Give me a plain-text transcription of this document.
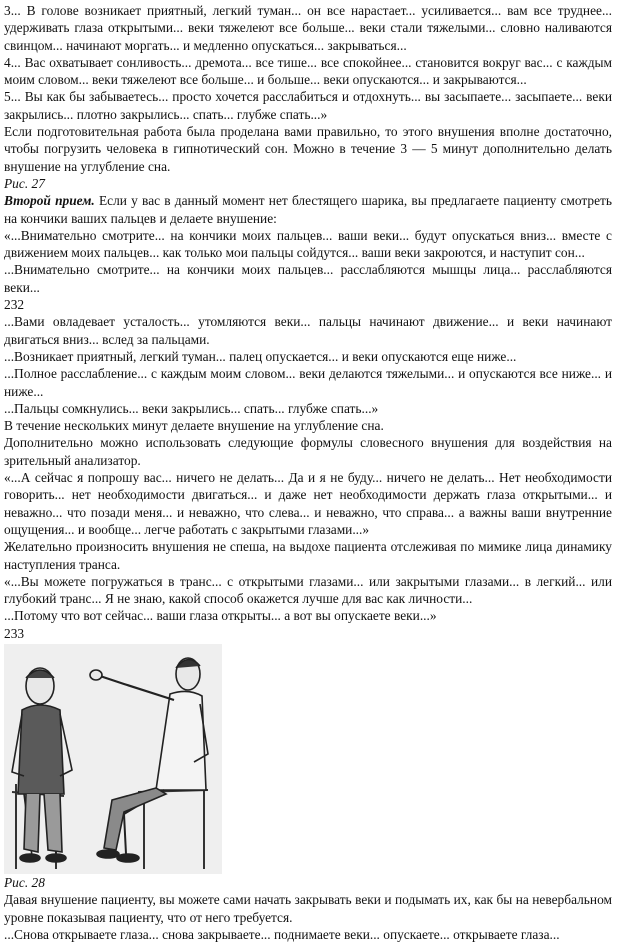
3... В голове возникает приятный, легкий туман... он все нарастает... усиливается... вам все труднее... удерживать глаза открытыми... веки тяжелеют все больше... веки стали тяжелыми... словно наливаются свинцом... начинают моргать... и медленно опускаться... закрываться...

4... Вас охватывает сонливость... дремота... все тише... все спокойнее... становится вокруг вас... с каждым моим словом... веки тяжелеют все больше... и больше... веки опускаются... и закрываются...

5... Вы как бы забываетесь... просто хочется расслабиться и отдохнуть... вы засыпаете... засыпаете... веки закрылись... плотно закрылись... спать... глубже спать...»

Если подготовительная работа была проделана вами правильно, то этого внушения вполне достаточно, чтобы погрузить человека в гипнотический сон. Можно в течение 3 — 5 минут дополнительно делать внушение на углубление сна.

Рис. 27

Второй прием. Если у вас в данный момент нет блестящего шарика, вы предлагаете пациенту смотреть на кончики ваших пальцев и делаете внушение:

«...Внимательно смотрите... на кончики моих пальцев... ваши веки... будут опускаться вниз... вместе с движением моих пальцев... как только мои пальцы сойдутся... ваши веки закроются, и наступит сон...

...Внимательно смотрите... на кончики моих пальцев... расслабляются мышцы лица... расслабляются веки...

232

...Вами овладевает усталость... утомляются веки... пальцы начинают движение... и веки начинают двигаться вниз... вслед за пальцами.

...Возникает приятный, легкий туман... палец опускается... и веки опускаются еще ниже...

...Полное расслабление... с каждым моим словом... веки делаются тяжелыми... и опускаются все ниже... и ниже...

...Пальцы сомкнулись... веки закрылись... спать... глубже спать...»

В течение нескольких минут делаете внушение на углубление сна.

Дополнительно можно использовать следующие формулы словесного внушения для воздействия на зрительный анализатор.

«...А сейчас я попрошу вас... ничего не делать... Да и я не буду... ничего не делать... Нет необходимости говорить... нет необходимости двигаться... и даже нет необходимости держать глаза открытыми... и неважно... что позади меня... и неважно, что слева... и неважно, что справа... а важны ваши внутренние ощущения... и вообще... легче работать с закрытыми глазами...»

Желательно произносить внушения не спеша, на выдохе пациента отслеживая по мимике лица динамику наступления транса.

«...Вы можете погружаться в транс... с открытыми глазами... или закрытыми глазами... в легкий... или глубокий транс... Я не знаю, какой способ окажется лучше для вас как личности...

...Потому что вот сейчас... ваши глаза открыты... а вот вы опускаете веки...»

233

Рис. 28

Давая внушение пациенту, вы можете сами начать закрывать веки и подымать их, как бы на невербальном уровне показывая пациенту, что от него требуется.

...Снова открываете глаза... снова закрываете... поднимаете веки... опускаете... открываете глаза...
